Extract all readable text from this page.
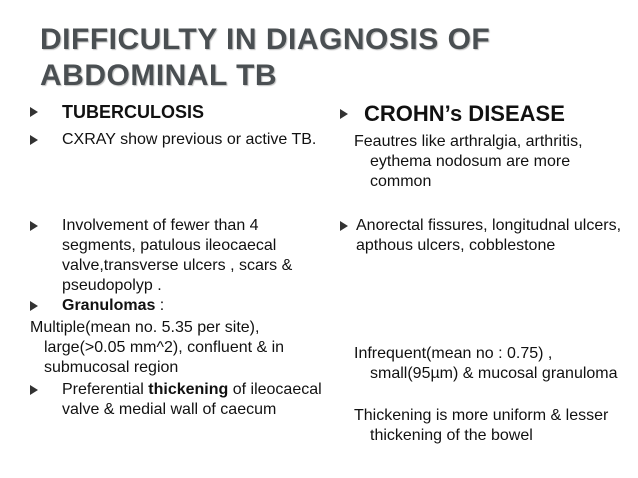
DIFFICULTY IN DIAGNOSIS OF
ABDOMINAL TB
TUBERCULOSIS
CXRAY show previous or active TB.
Involvement of fewer than 4 segments, patulous ileocaecal valve,transverse ulcers , scars & pseudopolyp .
Granulomas :
Multiple(mean no. 5.35 per site), large(>0.05 mm^2), confluent & in submucosal region
Preferential thickening of ileocaecal valve & medial wall of caecum
CROHN’s DISEASE
Feautres like arthralgia, arthritis, eythema nodosum are more common
Anorectal fissures, longitudnal ulcers, apthous ulcers, cobblestone
Infrequent(mean no : 0.75) , small(95µm) & mucosal granuloma
Thickening is more uniform & lesser thickening of the bowel
